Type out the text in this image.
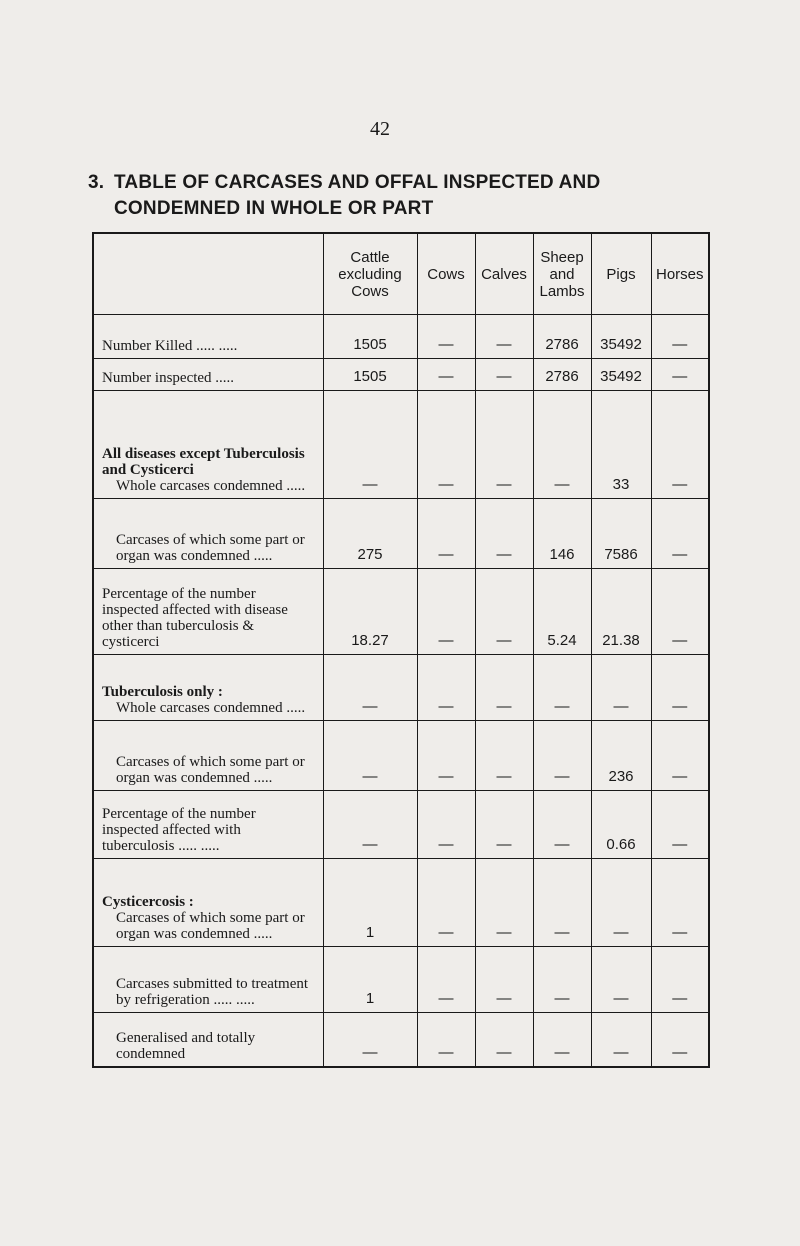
42
3. TABLE OF CARCASES AND OFFAL INSPECTED AND
CONDEMNED IN WHOLE OR PART
	Cattle excluding Cows	Cows	Calves	Sheep and Lambs	Pigs	Horses
Number Killed ..... .....	1505	—	—	2786	35492	—
Number inspected .....	1505	—	—	2786	35492	—
All diseases except Tuberculosis and Cysticerci
Whole carcases condemned .....	—	—	—	—	33	—

Carcases of which some part or organ was condemned .....	275	—	—	146	7586	—
Percentage of the number inspected affected with disease other than tuberculosis & cysticerci	18.27	—	—	5.24	21.38	—
Tuberculosis only :
Whole carcases condemned .....	—	—	—	—	—	—

Carcases of which some part or organ was condemned .....	—	—	—	—	236	—
Percentage of the number inspected affected with tuberculosis ..... .....	—	—	—	—	0.66	—
Cysticercosis :
Carcases of which some part or organ was condemned .....	1	—	—	—	—	—

Carcases submitted to treatment by refrigeration ..... .....	1	—	—	—	—	—

Generalised and totally condemned	—	—	—	—	—	—
